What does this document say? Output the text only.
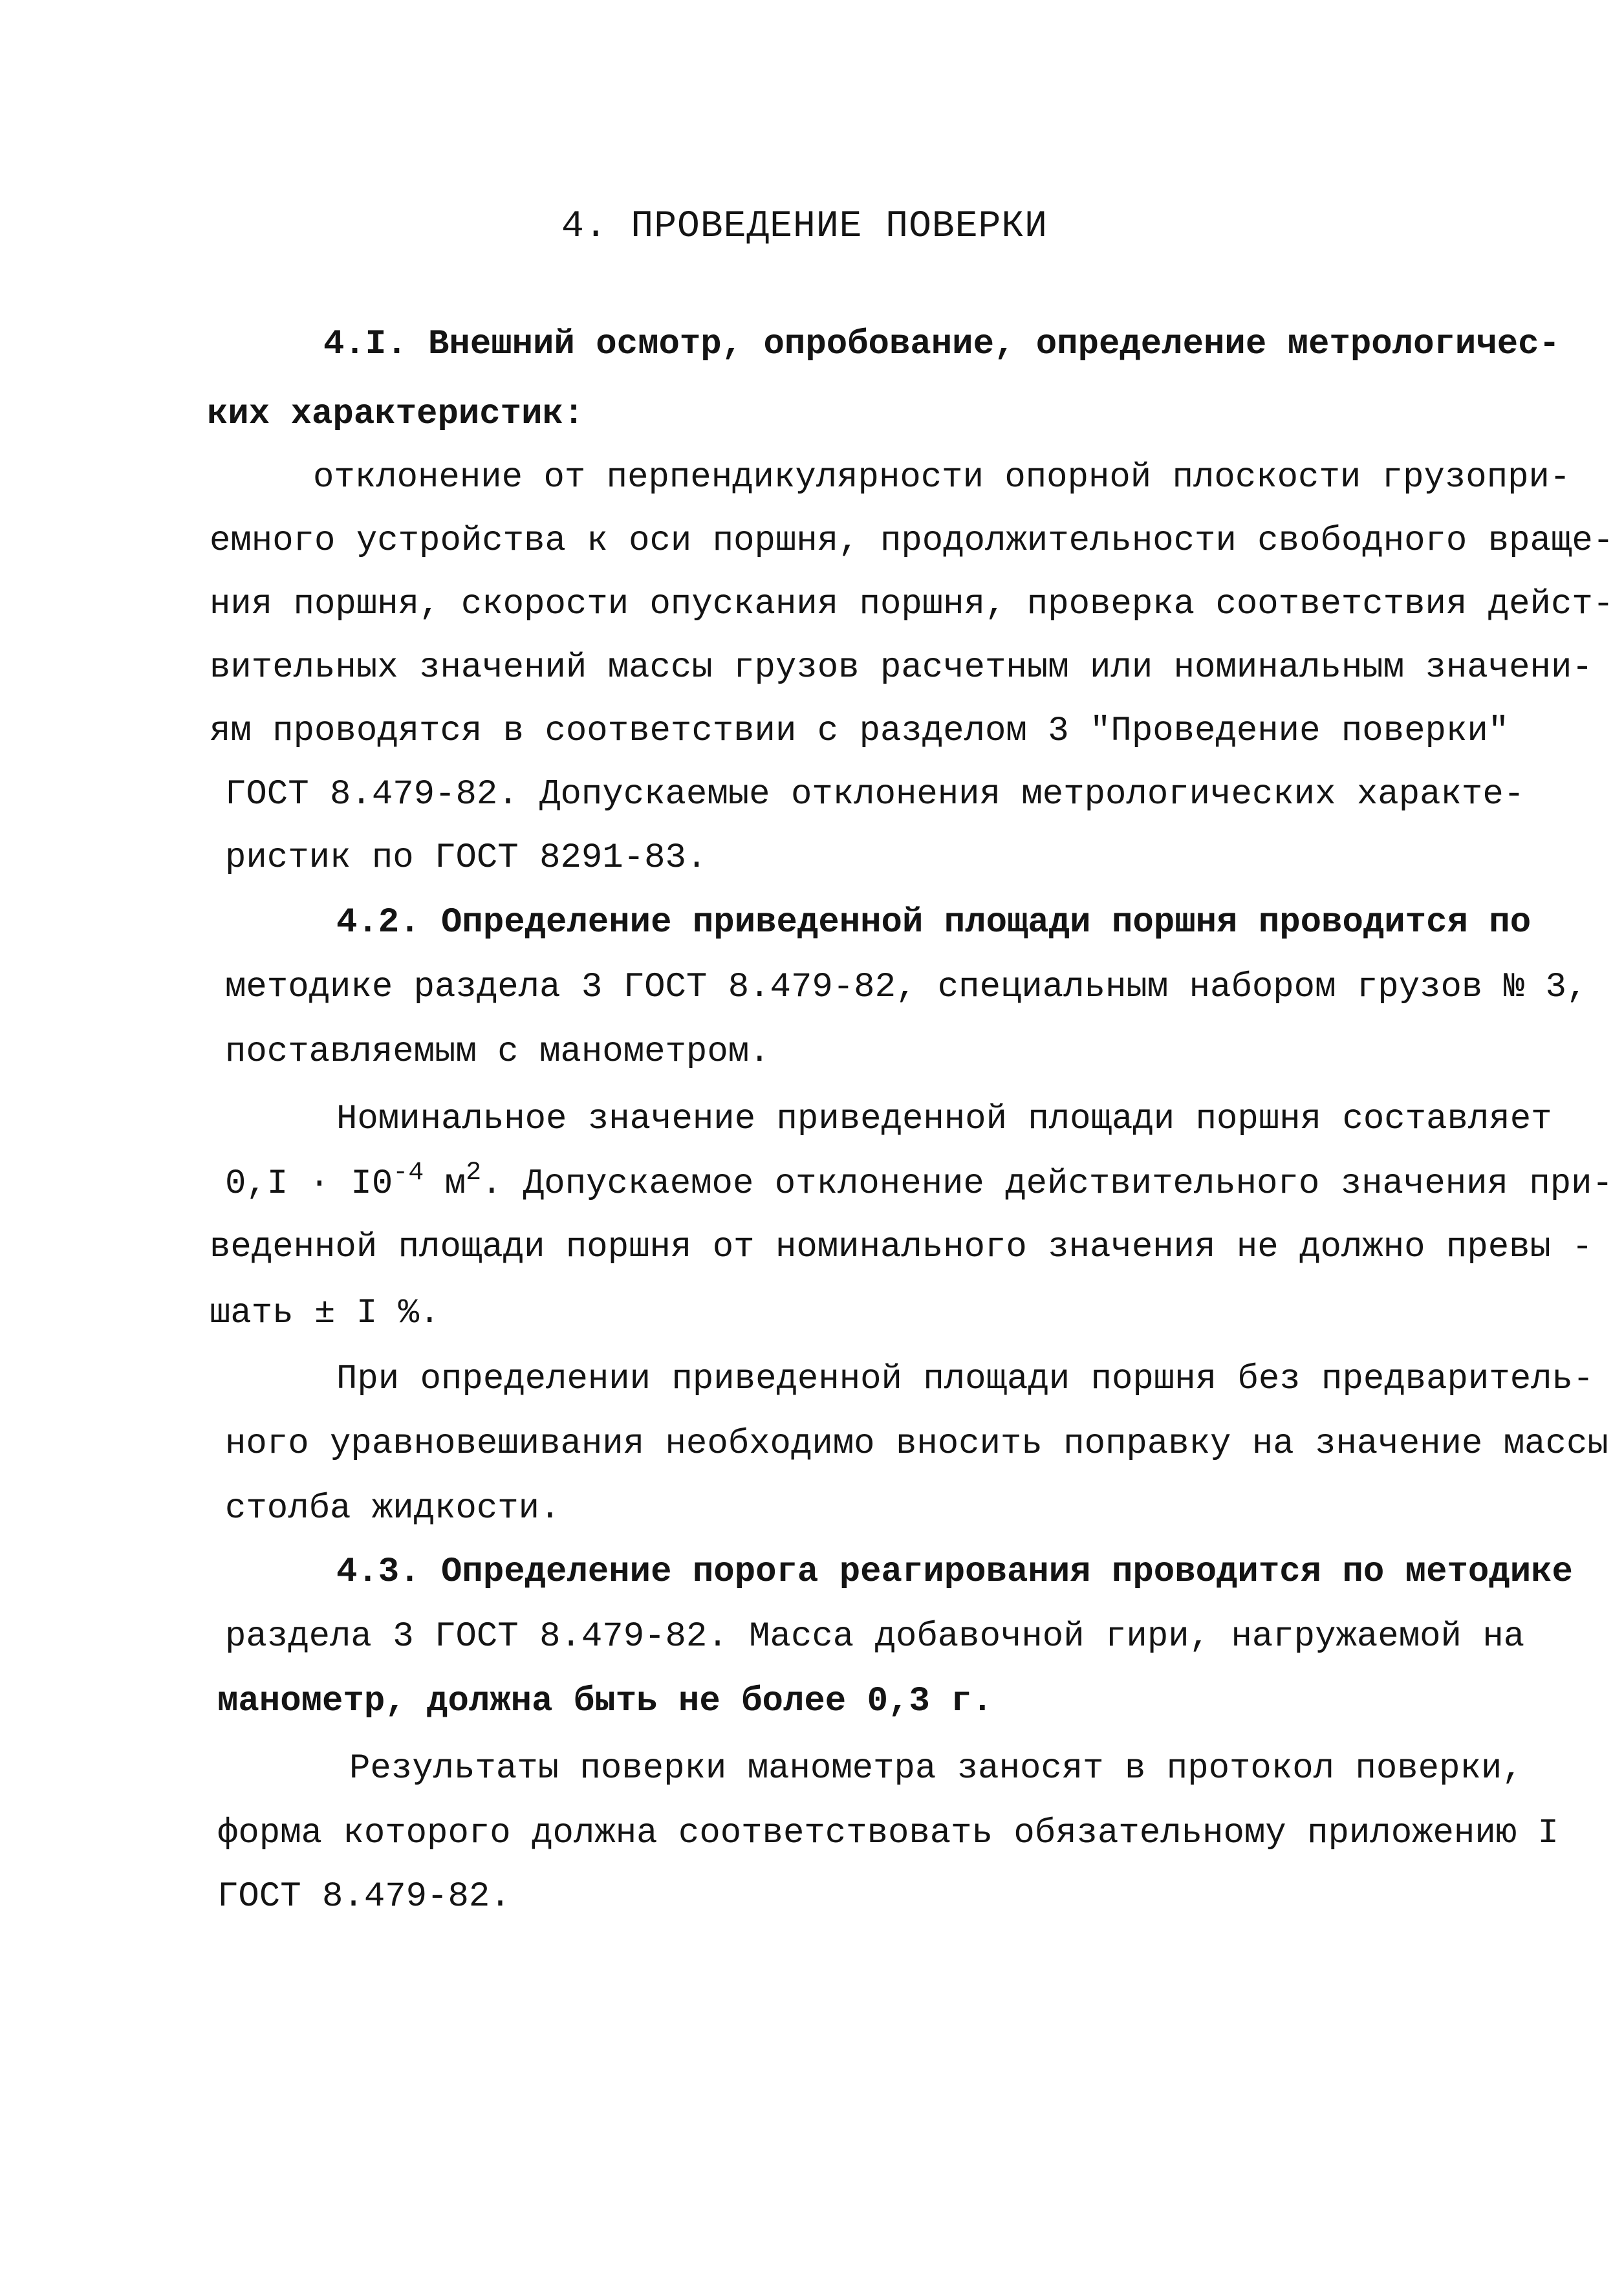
4. ПРОВЕДЕНИЕ ПОВЕРКИ
4.I. Внешний осмотр, опробование, определение метрологичес-
ких характеристик:
отклонение от перпендикулярности опорной плоскости грузопри-
емного устройства к оси поршня, продолжительности свободного враще-
ния поршня, скорости опускания поршня, проверка соответствия дейст-
вительных значений массы грузов расчетным или номинальным значени-
ям проводятся в соответствии с разделом 3 "Проведение поверки"
ГОСТ 8.479-82. Допускаемые отклонения метрологических характе-
ристик по ГОСТ 8291-83.
4.2. Определение приведенной площади поршня проводится по
методике раздела 3 ГОСТ 8.479-82, специальным набором грузов № 3,
поставляемым с манометром.
Номинальное значение приведенной площади поршня составляет
$0,I \cdot I0^{-4}$ $м^2$. Допускаемое отклонение действительного значения при-
веденной площади поршня от номинального значения не должно превы -
шать ± I %.
При определении приведенной площади поршня без предваритель-
ного уравновешивания необходимо вносить поправку на значение массы
столба жидкости.
4.3. Определение порога реагирования проводится по методике
раздела 3 ГОСТ 8.479-82. Масса добавочной гири, нагружаемой на
манометр, должна быть не более 0,3 г.
Результаты поверки манометра заносят в протокол поверки,
форма которого должна соответствовать обязательному приложению I
ГОСТ 8.479-82.
